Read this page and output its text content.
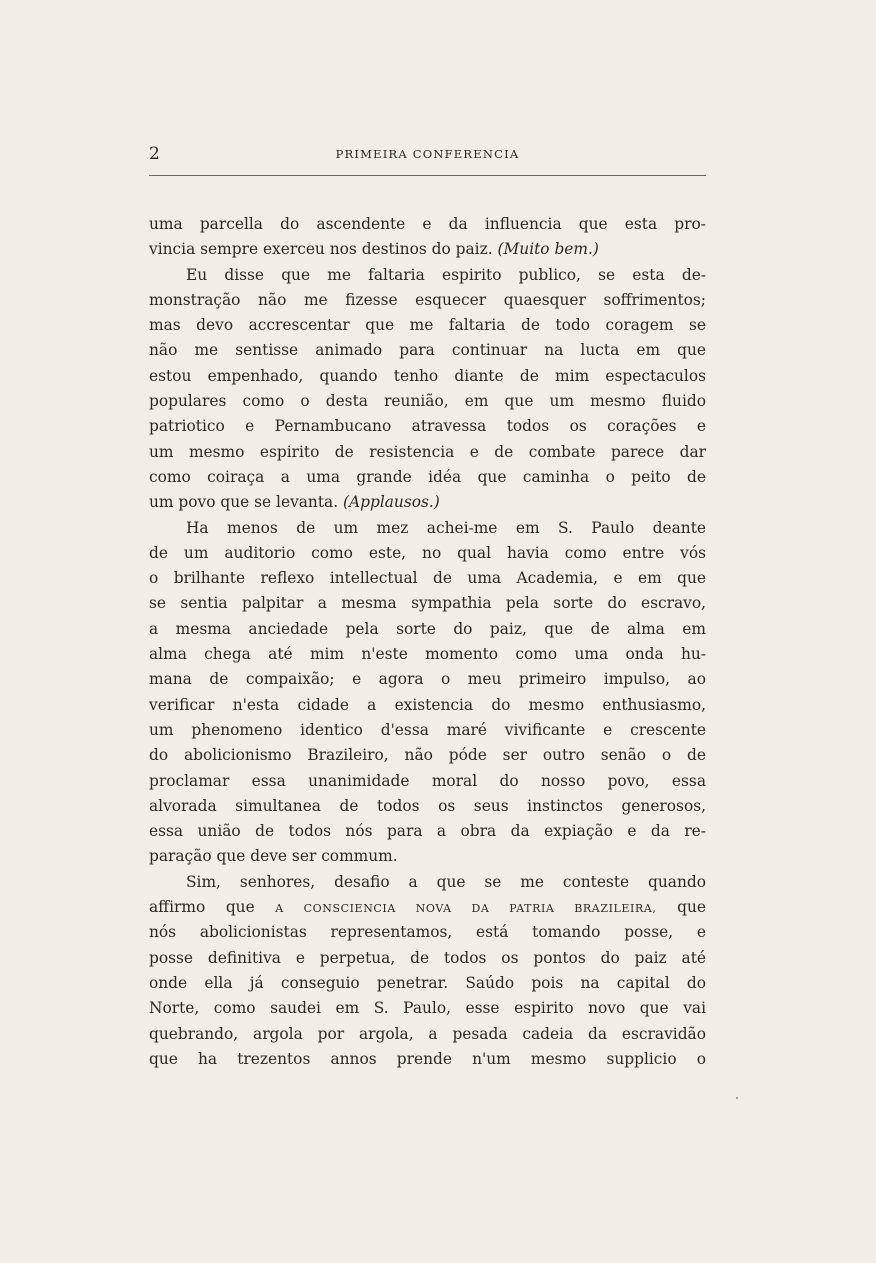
2	PRIMEIRA CONFERENCIA
uma parcella do ascendente e da influencia que esta pro-
vincia sempre exerceu nos destinos do paiz. (Muito bem.)
Eu disse que me faltaria espirito publico, se esta de-
monstração não me fizesse esquecer quaesquer soffrimentos;
mas devo accrescentar que me faltaria de todo coragem se
não me sentisse animado para continuar na lucta em que
estou empenhado, quando tenho diante de mim espectaculos
populares como o desta reunião, em que um mesmo fluido
patriotico e Pernambucano atravessa todos os corações e
um mesmo espirito de resistencia e de combate parece dar
como coiraça a uma grande idéa que caminha o peito de
um povo que se levanta. (Applausos.)
Ha menos de um mez achei-me em S. Paulo deante
de um auditorio como este, no qual havia como entre vós
o brilhante reflexo intellectual de uma Academia, e em que
se sentia palpitar a mesma sympathia pela sorte do escravo,
a mesma anciedade pela sorte do paiz, que de alma em
alma chega até mim n'este momento como uma onda hu-
mana de compaixão; e agora o meu primeiro impulso, ao
verificar n'esta cidade a existencia do mesmo enthusiasmo,
um phenomeno identico d'essa maré vivificante e crescente
do abolicionismo Brazileiro, não póde ser outro senão o de
proclamar essa unanimidade moral do nosso povo, essa
alvorada simultanea de todos os seus instinctos generosos,
essa união de todos nós para a obra da expiação e da re-
paração que deve ser commum.
Sim, senhores, desafio a que se me conteste quando
affirmo que A CONSCIENCIA NOVA DA PATRIA BRAZILEIRA, que
nós abolicionistas representamos, está tomando posse, e
posse definitiva e perpetua, de todos os pontos do paiz até
onde ella já conseguio penetrar. Saúdo pois na capital do
Norte, como saudei em S. Paulo, esse espirito novo que vai
quebrando, argola por argola, a pesada cadeia da escravidão
que ha trezentos annos prende n'um mesmo supplicio o
